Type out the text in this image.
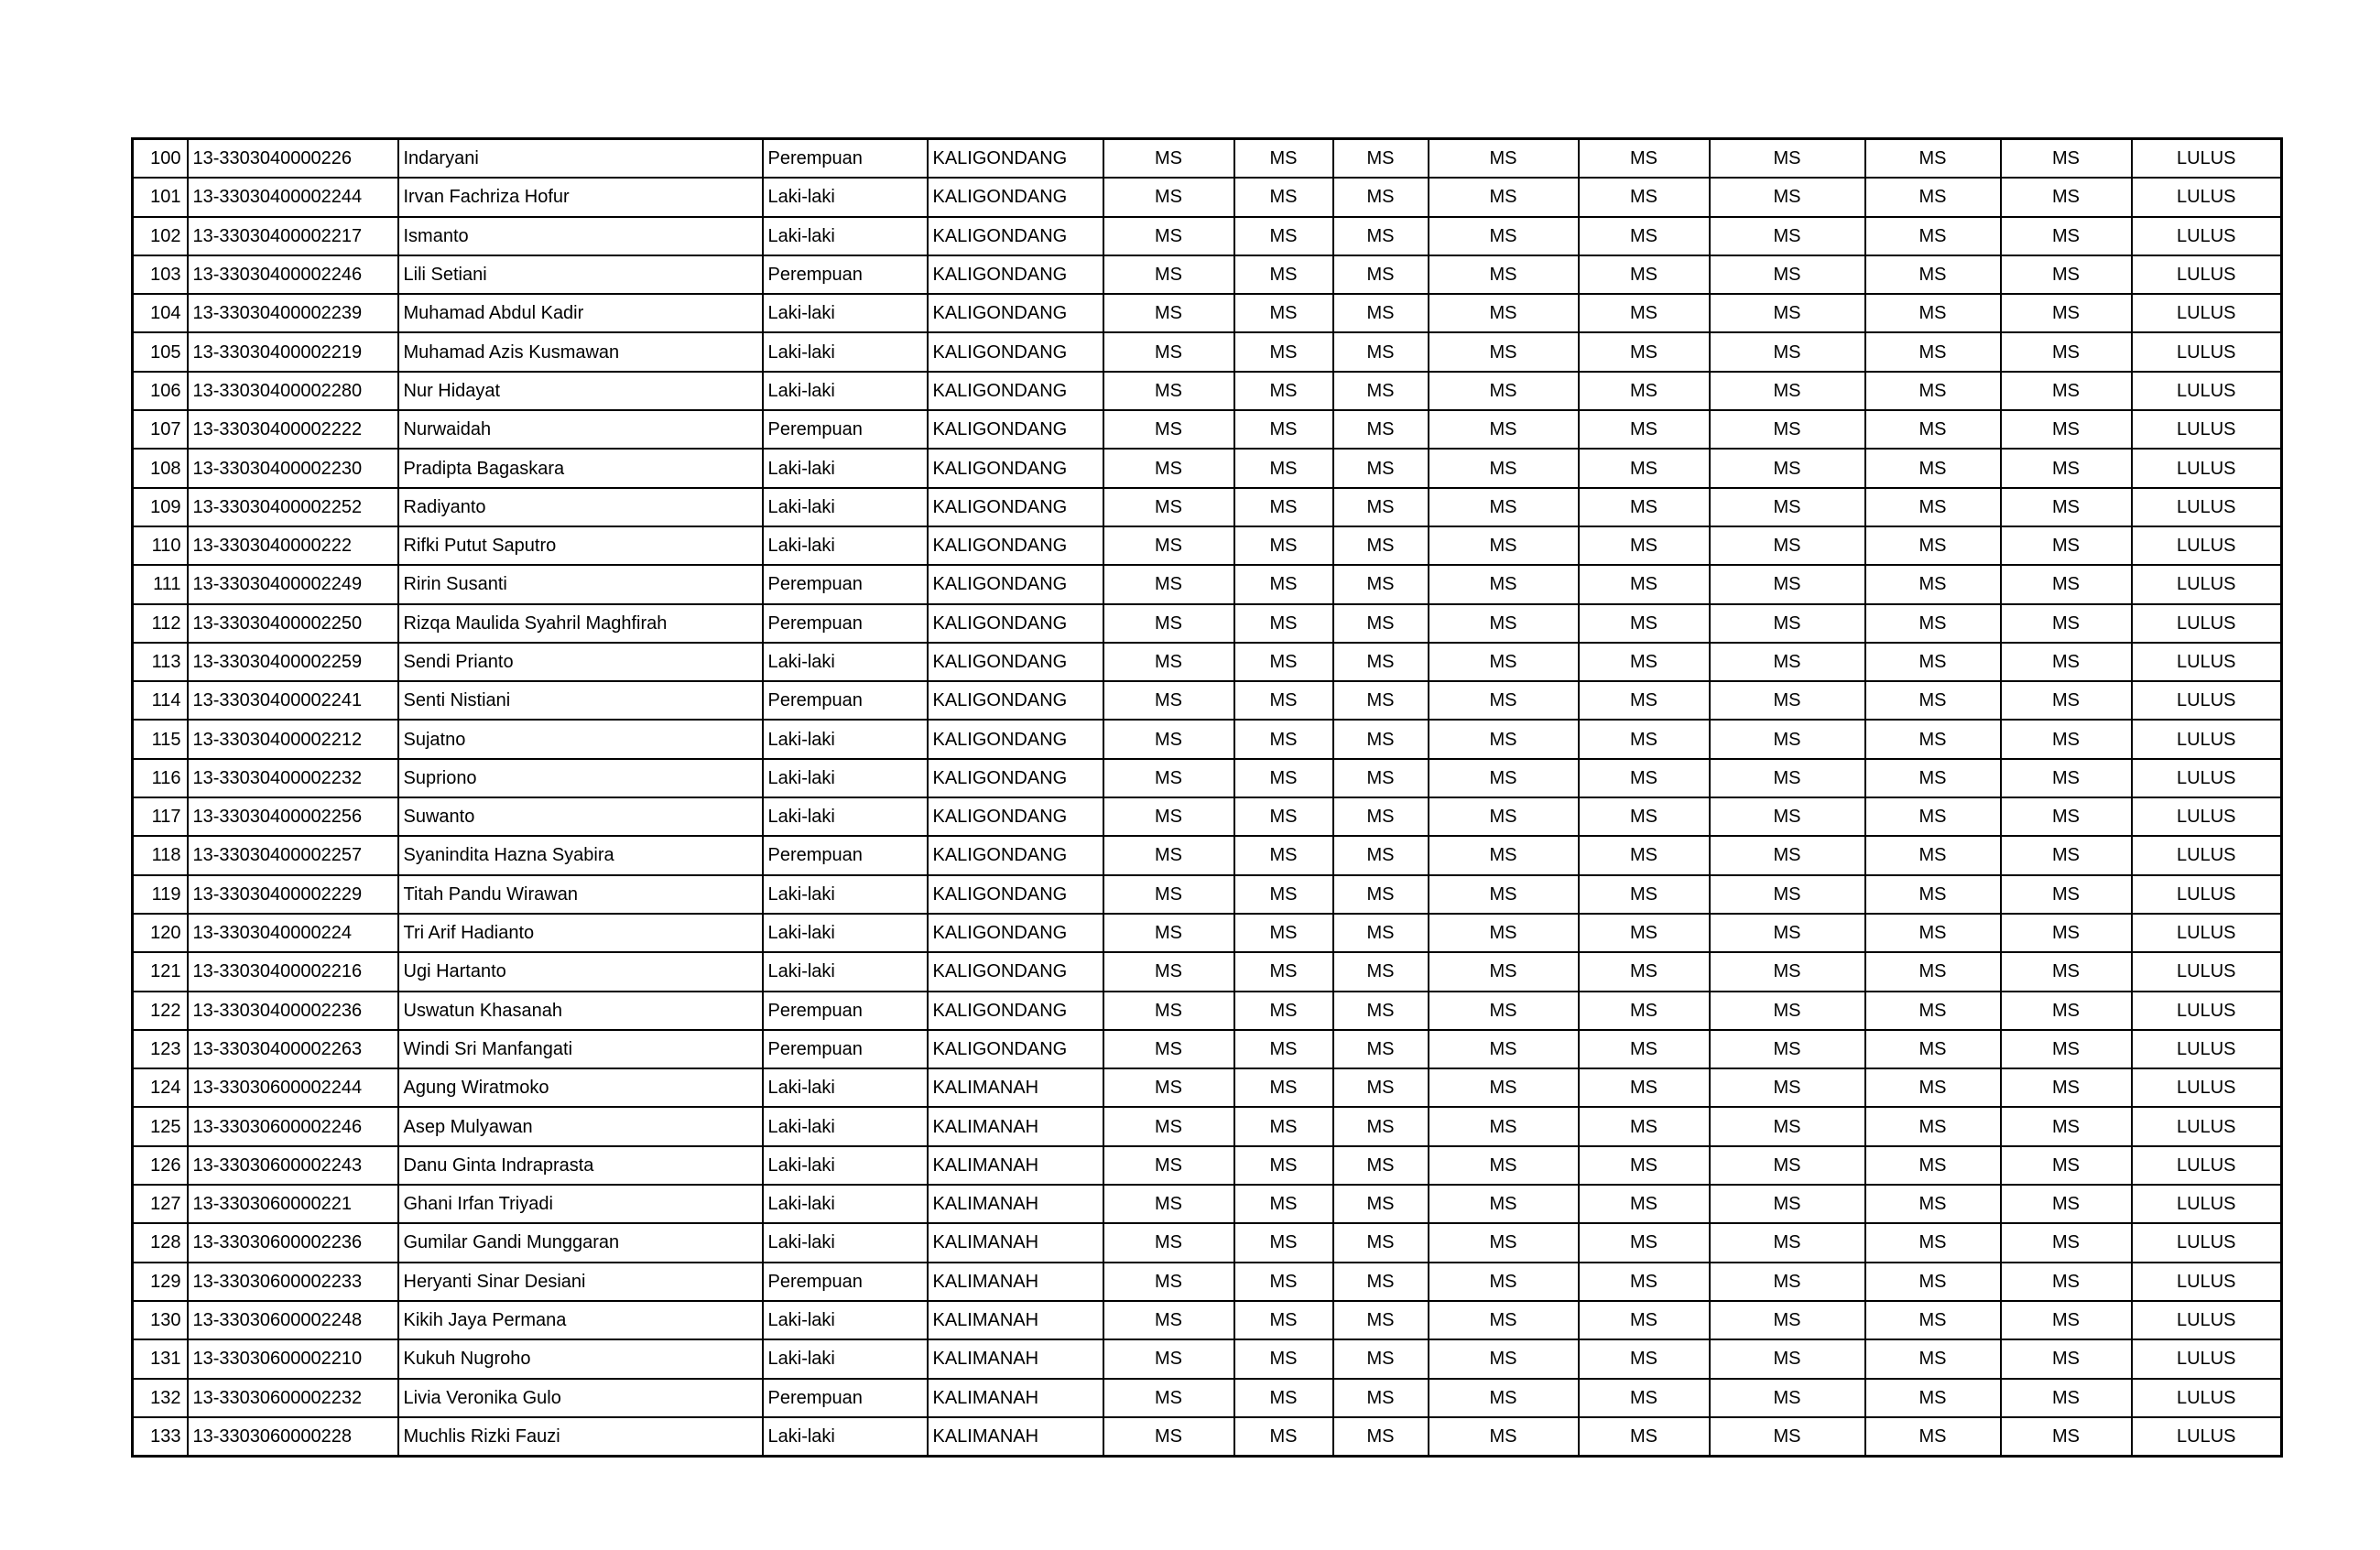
100	13-3303040000226	Indaryani	Perempuan	KALIGONDANG	MS	MS	MS	MS	MS	MS	MS	MS	LULUS
101	13-33030400002244	Irvan Fachriza Hofur	Laki-laki	KALIGONDANG	MS	MS	MS	MS	MS	MS	MS	MS	LULUS
102	13-33030400002217	Ismanto	Laki-laki	KALIGONDANG	MS	MS	MS	MS	MS	MS	MS	MS	LULUS
103	13-33030400002246	Lili Setiani	Perempuan	KALIGONDANG	MS	MS	MS	MS	MS	MS	MS	MS	LULUS
104	13-33030400002239	Muhamad Abdul Kadir	Laki-laki	KALIGONDANG	MS	MS	MS	MS	MS	MS	MS	MS	LULUS
105	13-33030400002219	Muhamad Azis Kusmawan	Laki-laki	KALIGONDANG	MS	MS	MS	MS	MS	MS	MS	MS	LULUS
106	13-33030400002280	Nur Hidayat	Laki-laki	KALIGONDANG	MS	MS	MS	MS	MS	MS	MS	MS	LULUS
107	13-33030400002222	Nurwaidah	Perempuan	KALIGONDANG	MS	MS	MS	MS	MS	MS	MS	MS	LULUS
108	13-33030400002230	Pradipta Bagaskara	Laki-laki	KALIGONDANG	MS	MS	MS	MS	MS	MS	MS	MS	LULUS
109	13-33030400002252	Radiyanto	Laki-laki	KALIGONDANG	MS	MS	MS	MS	MS	MS	MS	MS	LULUS
110	13-3303040000222	Rifki Putut Saputro	Laki-laki	KALIGONDANG	MS	MS	MS	MS	MS	MS	MS	MS	LULUS
111	13-33030400002249	Ririn Susanti	Perempuan	KALIGONDANG	MS	MS	MS	MS	MS	MS	MS	MS	LULUS
112	13-33030400002250	Rizqa Maulida Syahril Maghfirah	Perempuan	KALIGONDANG	MS	MS	MS	MS	MS	MS	MS	MS	LULUS
113	13-33030400002259	Sendi Prianto	Laki-laki	KALIGONDANG	MS	MS	MS	MS	MS	MS	MS	MS	LULUS
114	13-33030400002241	Senti Nistiani	Perempuan	KALIGONDANG	MS	MS	MS	MS	MS	MS	MS	MS	LULUS
115	13-33030400002212	Sujatno	Laki-laki	KALIGONDANG	MS	MS	MS	MS	MS	MS	MS	MS	LULUS
116	13-33030400002232	Supriono	Laki-laki	KALIGONDANG	MS	MS	MS	MS	MS	MS	MS	MS	LULUS
117	13-33030400002256	Suwanto	Laki-laki	KALIGONDANG	MS	MS	MS	MS	MS	MS	MS	MS	LULUS
118	13-33030400002257	Syanindita Hazna Syabira	Perempuan	KALIGONDANG	MS	MS	MS	MS	MS	MS	MS	MS	LULUS
119	13-33030400002229	Titah Pandu Wirawan	Laki-laki	KALIGONDANG	MS	MS	MS	MS	MS	MS	MS	MS	LULUS
120	13-3303040000224	Tri Arif Hadianto	Laki-laki	KALIGONDANG	MS	MS	MS	MS	MS	MS	MS	MS	LULUS
121	13-33030400002216	Ugi Hartanto	Laki-laki	KALIGONDANG	MS	MS	MS	MS	MS	MS	MS	MS	LULUS
122	13-33030400002236	Uswatun Khasanah	Perempuan	KALIGONDANG	MS	MS	MS	MS	MS	MS	MS	MS	LULUS
123	13-33030400002263	Windi Sri Manfangati	Perempuan	KALIGONDANG	MS	MS	MS	MS	MS	MS	MS	MS	LULUS
124	13-33030600002244	Agung Wiratmoko	Laki-laki	KALIMANAH	MS	MS	MS	MS	MS	MS	MS	MS	LULUS
125	13-33030600002246	Asep Mulyawan	Laki-laki	KALIMANAH	MS	MS	MS	MS	MS	MS	MS	MS	LULUS
126	13-33030600002243	Danu Ginta Indraprasta	Laki-laki	KALIMANAH	MS	MS	MS	MS	MS	MS	MS	MS	LULUS
127	13-3303060000221	Ghani Irfan Triyadi	Laki-laki	KALIMANAH	MS	MS	MS	MS	MS	MS	MS	MS	LULUS
128	13-33030600002236	Gumilar Gandi Munggaran	Laki-laki	KALIMANAH	MS	MS	MS	MS	MS	MS	MS	MS	LULUS
129	13-33030600002233	Heryanti Sinar Desiani	Perempuan	KALIMANAH	MS	MS	MS	MS	MS	MS	MS	MS	LULUS
130	13-33030600002248	Kikih Jaya Permana	Laki-laki	KALIMANAH	MS	MS	MS	MS	MS	MS	MS	MS	LULUS
131	13-33030600002210	Kukuh Nugroho	Laki-laki	KALIMANAH	MS	MS	MS	MS	MS	MS	MS	MS	LULUS
132	13-33030600002232	Livia Veronika Gulo	Perempuan	KALIMANAH	MS	MS	MS	MS	MS	MS	MS	MS	LULUS
133	13-3303060000228	Muchlis Rizki Fauzi	Laki-laki	KALIMANAH	MS	MS	MS	MS	MS	MS	MS	MS	LULUS
